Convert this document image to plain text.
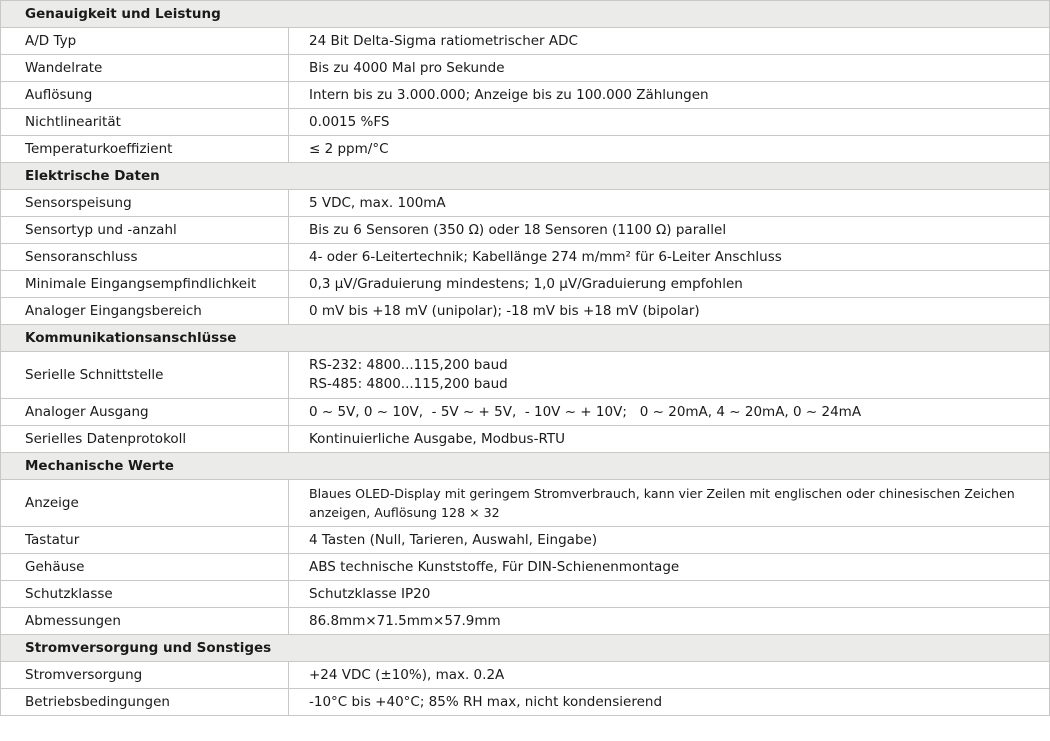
Genauigkeit und Leistung	
A/D Typ	24 Bit Delta-Sigma ratiometrischer ADC
Wandelrate	Bis zu 4000 Mal pro Sekunde
Auflösung	Intern bis zu 3.000.000; Anzeige bis zu 100.000 Zählungen
Nichtlinearität	0.0015 %FS
Temperaturkoeffizient	≤ 2 ppm/°C
Elektrische Daten	
Sensorspeisung	5 VDC, max. 100mA
Sensortyp und -anzahl	Bis zu 6 Sensoren (350 Ω) oder 18 Sensoren (1100 Ω) parallel
Sensoranschluss	4- oder 6-Leitertechnik; Kabellänge 274 m/mm² für 6-Leiter Anschluss
Minimale Eingangsempfindlichkeit	0,3 μV/Graduierung mindestens; 1,0 μV/Graduierung empfohlen
Analoger Eingangsbereich	0 mV bis +18 mV (unipolar); -18 mV bis +18 mV (bipolar)
Kommunikationsanschlüsse	
Serielle Schnittstelle	RS-232: 4800...115,200 baud
RS-485: 4800...115,200 baud

Analoger Ausgang	0 ~ 5V, 0 ~ 10V,  - 5V ~ + 5V,  - 10V ~ + 10V;   0 ~ 20mA, 4 ~ 20mA, 0 ~ 24mA
Serielles Datenprotokoll	Kontinuierliche Ausgabe, Modbus-RTU
Mechanische Werte	
Anzeige	Blaues OLED-Display mit geringem Stromverbrauch, kann vier Zeilen mit englischen oder chinesischen Zeichen
anzeigen, Auflösung 128 × 32

Tastatur	4 Tasten (Null, Tarieren, Auswahl, Eingabe)
Gehäuse	ABS technische Kunststoffe, Für DIN-Schienenmontage
Schutzklasse	Schutzklasse IP20
Abmessungen	86.8mm×71.5mm×57.9mm
Stromversorgung und Sonstiges	
Stromversorgung	+24 VDC (±10%), max. 0.2A
Betriebsbedingungen	-10°C bis +40°C; 85% RH max, nicht kondensierend
